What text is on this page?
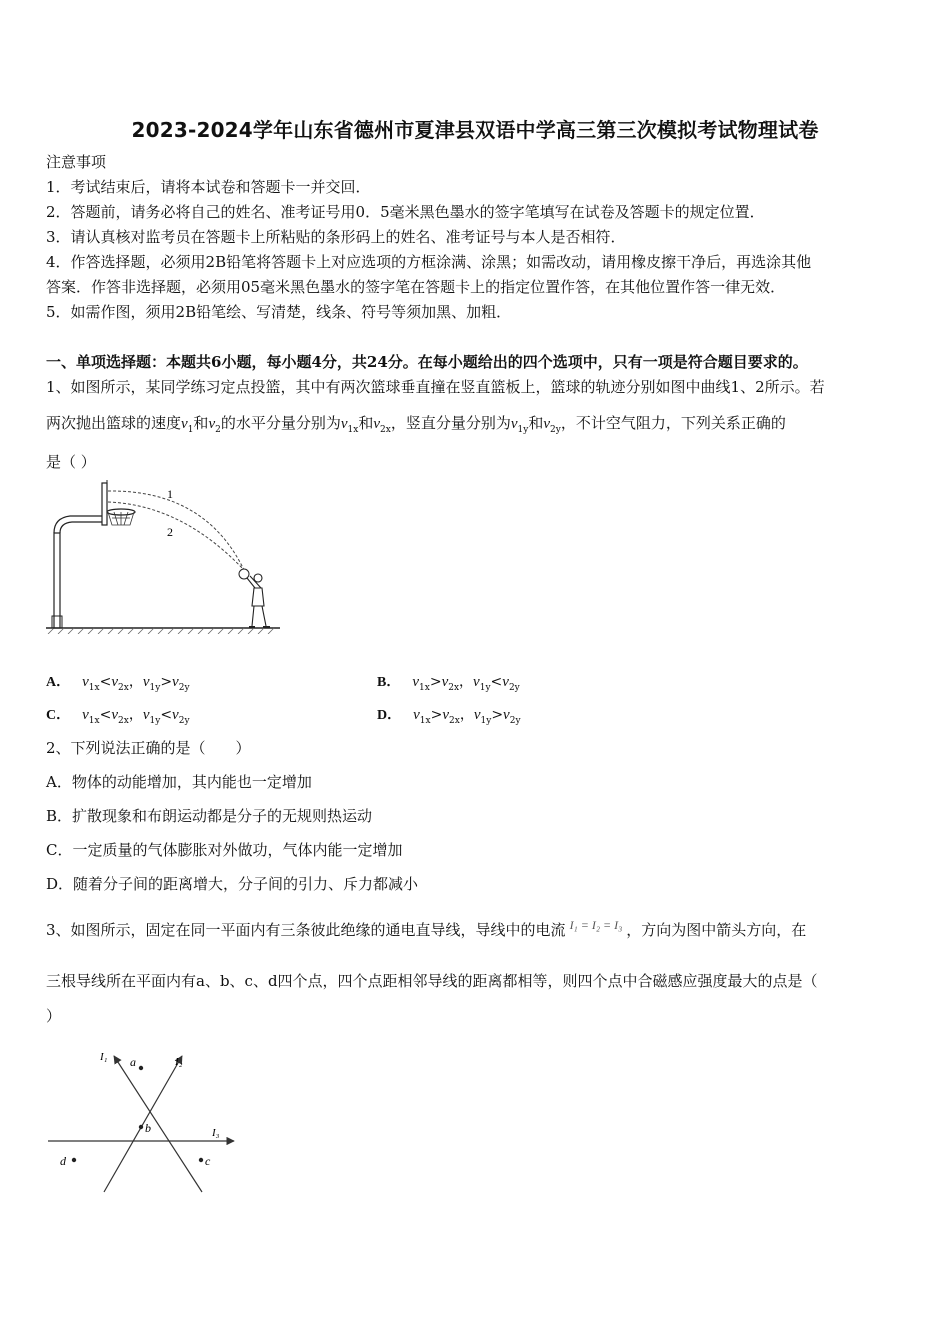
2023-2024学年山东省德州市夏津县双语中学高三第三次模拟考试物理试卷
注意事项
1．考试结束后，请将本试卷和答题卡一并交回．
2．答题前，请务必将自己的姓名、准考证号用0．5毫米黑色墨水的签字笔填写在试卷及答题卡的规定位置．
3．请认真核对监考员在答题卡上所粘贴的条形码上的姓名、准考证号与本人是否相符．
4．作答选择题，必须用2B铅笔将答题卡上对应选项的方框涂满、涂黑；如需改动，请用橡皮擦干净后，再选涂其他
答案．作答非选择题，必须用05毫米黑色墨水的签字笔在答题卡上的指定位置作答，在其他位置作答一律无效．
5．如需作图，须用2B铅笔绘、写清楚，线条、符号等须加黑、加粗．
一、单项选择题：本题共6小题，每小题4分，共24分。在每小题给出的四个选项中，只有一项是符合题目要求的。
1、如图所示，某同学练习定点投篮，其中有两次篮球垂直撞在竖直篮板上，篮球的轨迹分别如图中曲线1、2所示。若
两次抛出篮球的速度$v_1$和$v_2$的水平分量分别为$v_{1x}$和$v_{2x}$，竖直分量分别为$v_{1y}$和$v_{2y}$，不计空气阻力，下列关系正确的
是（ ）
1
2
A． $v_{1x}<v_{2x}$，$v_{1y}>v_{2y}$	B． $v_{1x}>v_{2x}$，$v_{1y}<v_{2y}$
C． $v_{1x}<v_{2x}$，$v_{1y}<v_{2y}$	D． $v_{1x}>v_{2x}$，$v_{1y}>v_{2y}$
2、下列说法正确的是（　　）
A．物体的动能增加，其内能也一定增加
B．扩散现象和布朗运动都是分子的无规则热运动
C．一定质量的气体膨胀对外做功，气体内能一定增加
D．随着分子间的距离增大，分子间的引力、斥力都减小
3、如图所示，固定在同一平面内有三条彼此绝缘的通电直导线，导线中的电流 $^{I_1 = I_2 = I_3}$ ，方向为图中箭头方向，在
三根导线所在平面内有a、b、c、d四个点，四个点距相邻导线的距离都相等，则四个点中合磁感应强度最大的点是（
）
I₁	I₂
I₃
a
b
c
d
